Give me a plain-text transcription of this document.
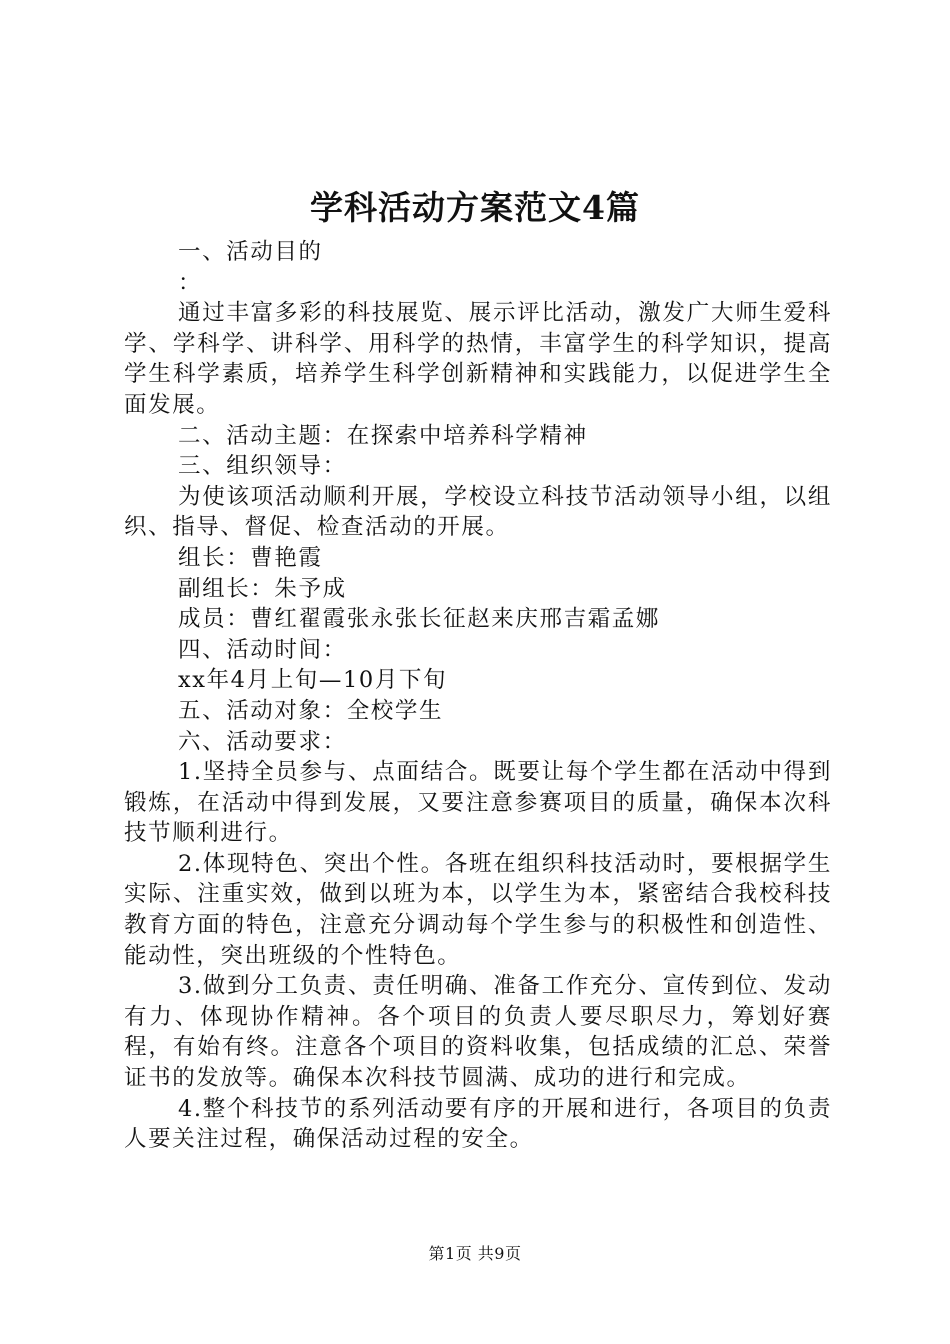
学科活动方案范文4篇

一、活动目的

：

通过丰富多彩的科技展览、展示评比活动，激发广大师生爱科学、学科学、讲科学、用科学的热情，丰富学生的科学知识，提高学生科学素质，培养学生科学创新精神和实践能力，以促进学生全面发展。

二、活动主题：在探索中培养科学精神

三、组织领导：

为使该项活动顺利开展，学校设立科技节活动领导小组，以组织、指导、督促、检查活动的开展。

组长：曹艳霞

副组长：朱予成

成员：曹红翟霞张永张长征赵来庆邢吉霜孟娜

四、活动时间：

xx年4月上旬—10月下旬

五、活动对象：全校学生

六、活动要求：

1.坚持全员参与、点面结合。既要让每个学生都在活动中得到锻炼，在活动中得到发展，又要注意参赛项目的质量，确保本次科技节顺利进行。

2.体现特色、突出个性。各班在组织科技活动时，要根据学生实际、注重实效，做到以班为本，以学生为本，紧密结合我校科技教育方面的特色，注意充分调动每个学生参与的积极性和创造性、能动性，突出班级的个性特色。

3.做到分工负责、责任明确、准备工作充分、宣传到位、发动有力、体现协作精神。各个项目的负责人要尽职尽力，筹划好赛程，有始有终。注意各个项目的资料收集，包括成绩的汇总、荣誉证书的发放等。确保本次科技节圆满、成功的进行和完成。

4.整个科技节的系列活动要有序的开展和进行，各项目的负责人要关注过程，确保活动过程的安全。

第1页 共9页
